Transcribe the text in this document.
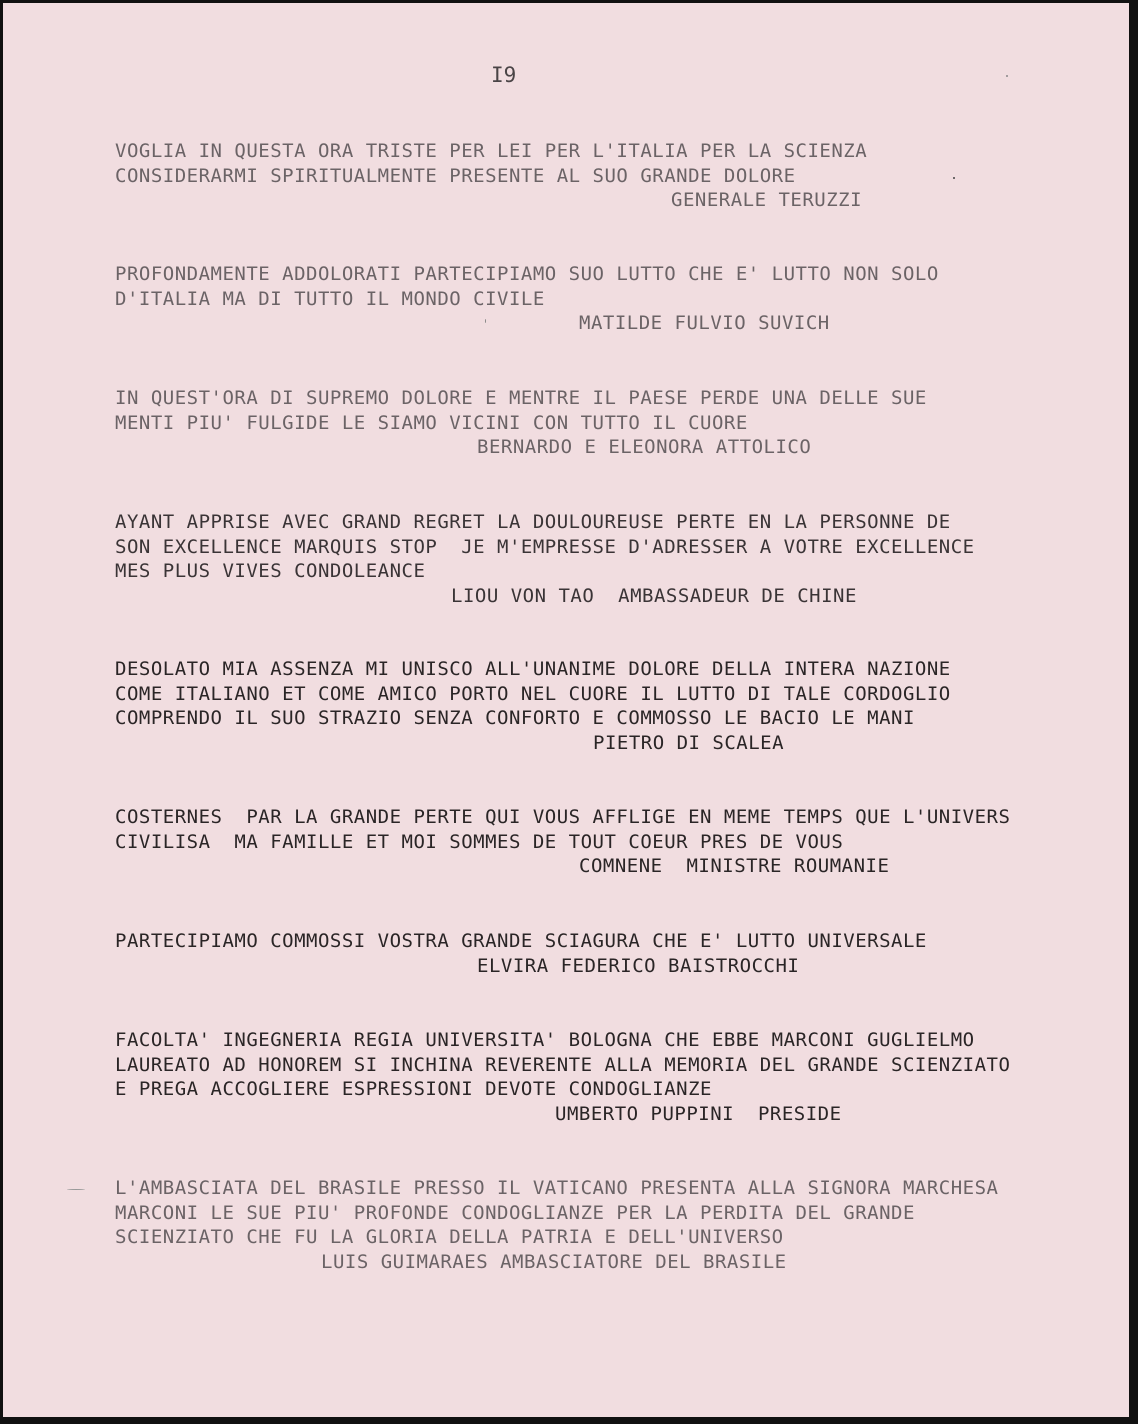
I9
VOGLIA IN QUESTA ORA TRISTE PER LEI PER L'ITALIA PER LA SCIENZA
CONSIDERARMI SPIRITUALMENTE PRESENTE AL SUO GRANDE DOLORE
GENERALE TERUZZI
PROFONDAMENTE ADDOLORATI PARTECIPIAMO SUO LUTTO CHE E' LUTTO NON SOLO
D'ITALIA MA DI TUTTO IL MONDO CIVILE
MATILDE FULVIO SUVICH
IN QUEST'ORA DI SUPREMO DOLORE E MENTRE IL PAESE PERDE UNA DELLE SUE
MENTI PIU' FULGIDE LE SIAMO VICINI CON TUTTO IL CUORE
BERNARDO E ELEONORA ATTOLICO
AYANT APPRISE AVEC GRAND REGRET LA DOULOUREUSE PERTE EN LA PERSONNE DE
SON EXCELLENCE MARQUIS STOP  JE M'EMPRESSE D'ADRESSER A VOTRE EXCELLENCE
MES PLUS VIVES CONDOLEANCE
LIOU VON TAO  AMBASSADEUR DE CHINE
DESOLATO MIA ASSENZA MI UNISCO ALL'UNANIME DOLORE DELLA INTERA NAZIONE
COME ITALIANO ET COME AMICO PORTO NEL CUORE IL LUTTO DI TALE CORDOGLIO
COMPRENDO IL SUO STRAZIO SENZA CONFORTO E COMMOSSO LE BACIO LE MANI
PIETRO DI SCALEA
COSTERNES  PAR LA GRANDE PERTE QUI VOUS AFFLIGE EN MEME TEMPS QUE L'UNIVERS
CIVILISA  MA FAMILLE ET MOI SOMMES DE TOUT COEUR PRES DE VOUS
COMNENE  MINISTRE ROUMANIE
PARTECIPIAMO COMMOSSI VOSTRA GRANDE SCIAGURA CHE E' LUTTO UNIVERSALE
ELVIRA FEDERICO BAISTROCCHI
FACOLTA' INGEGNERIA REGIA UNIVERSITA' BOLOGNA CHE EBBE MARCONI GUGLIELMO
LAUREATO AD HONOREM SI INCHINA REVERENTE ALLA MEMORIA DEL GRANDE SCIENZIATO
E PREGA ACCOGLIERE ESPRESSIONI DEVOTE CONDOGLIANZE
UMBERTO PUPPINI  PRESIDE
L'AMBASCIATA DEL BRASILE PRESSO IL VATICANO PRESENTA ALLA SIGNORA MARCHESA
MARCONI LE SUE PIU' PROFONDE CONDOGLIANZE PER LA PERDITA DEL GRANDE
SCIENZIATO CHE FU LA GLORIA DELLA PATRIA E DELL'UNIVERSO
LUIS GUIMARAES AMBASCIATORE DEL BRASILE
